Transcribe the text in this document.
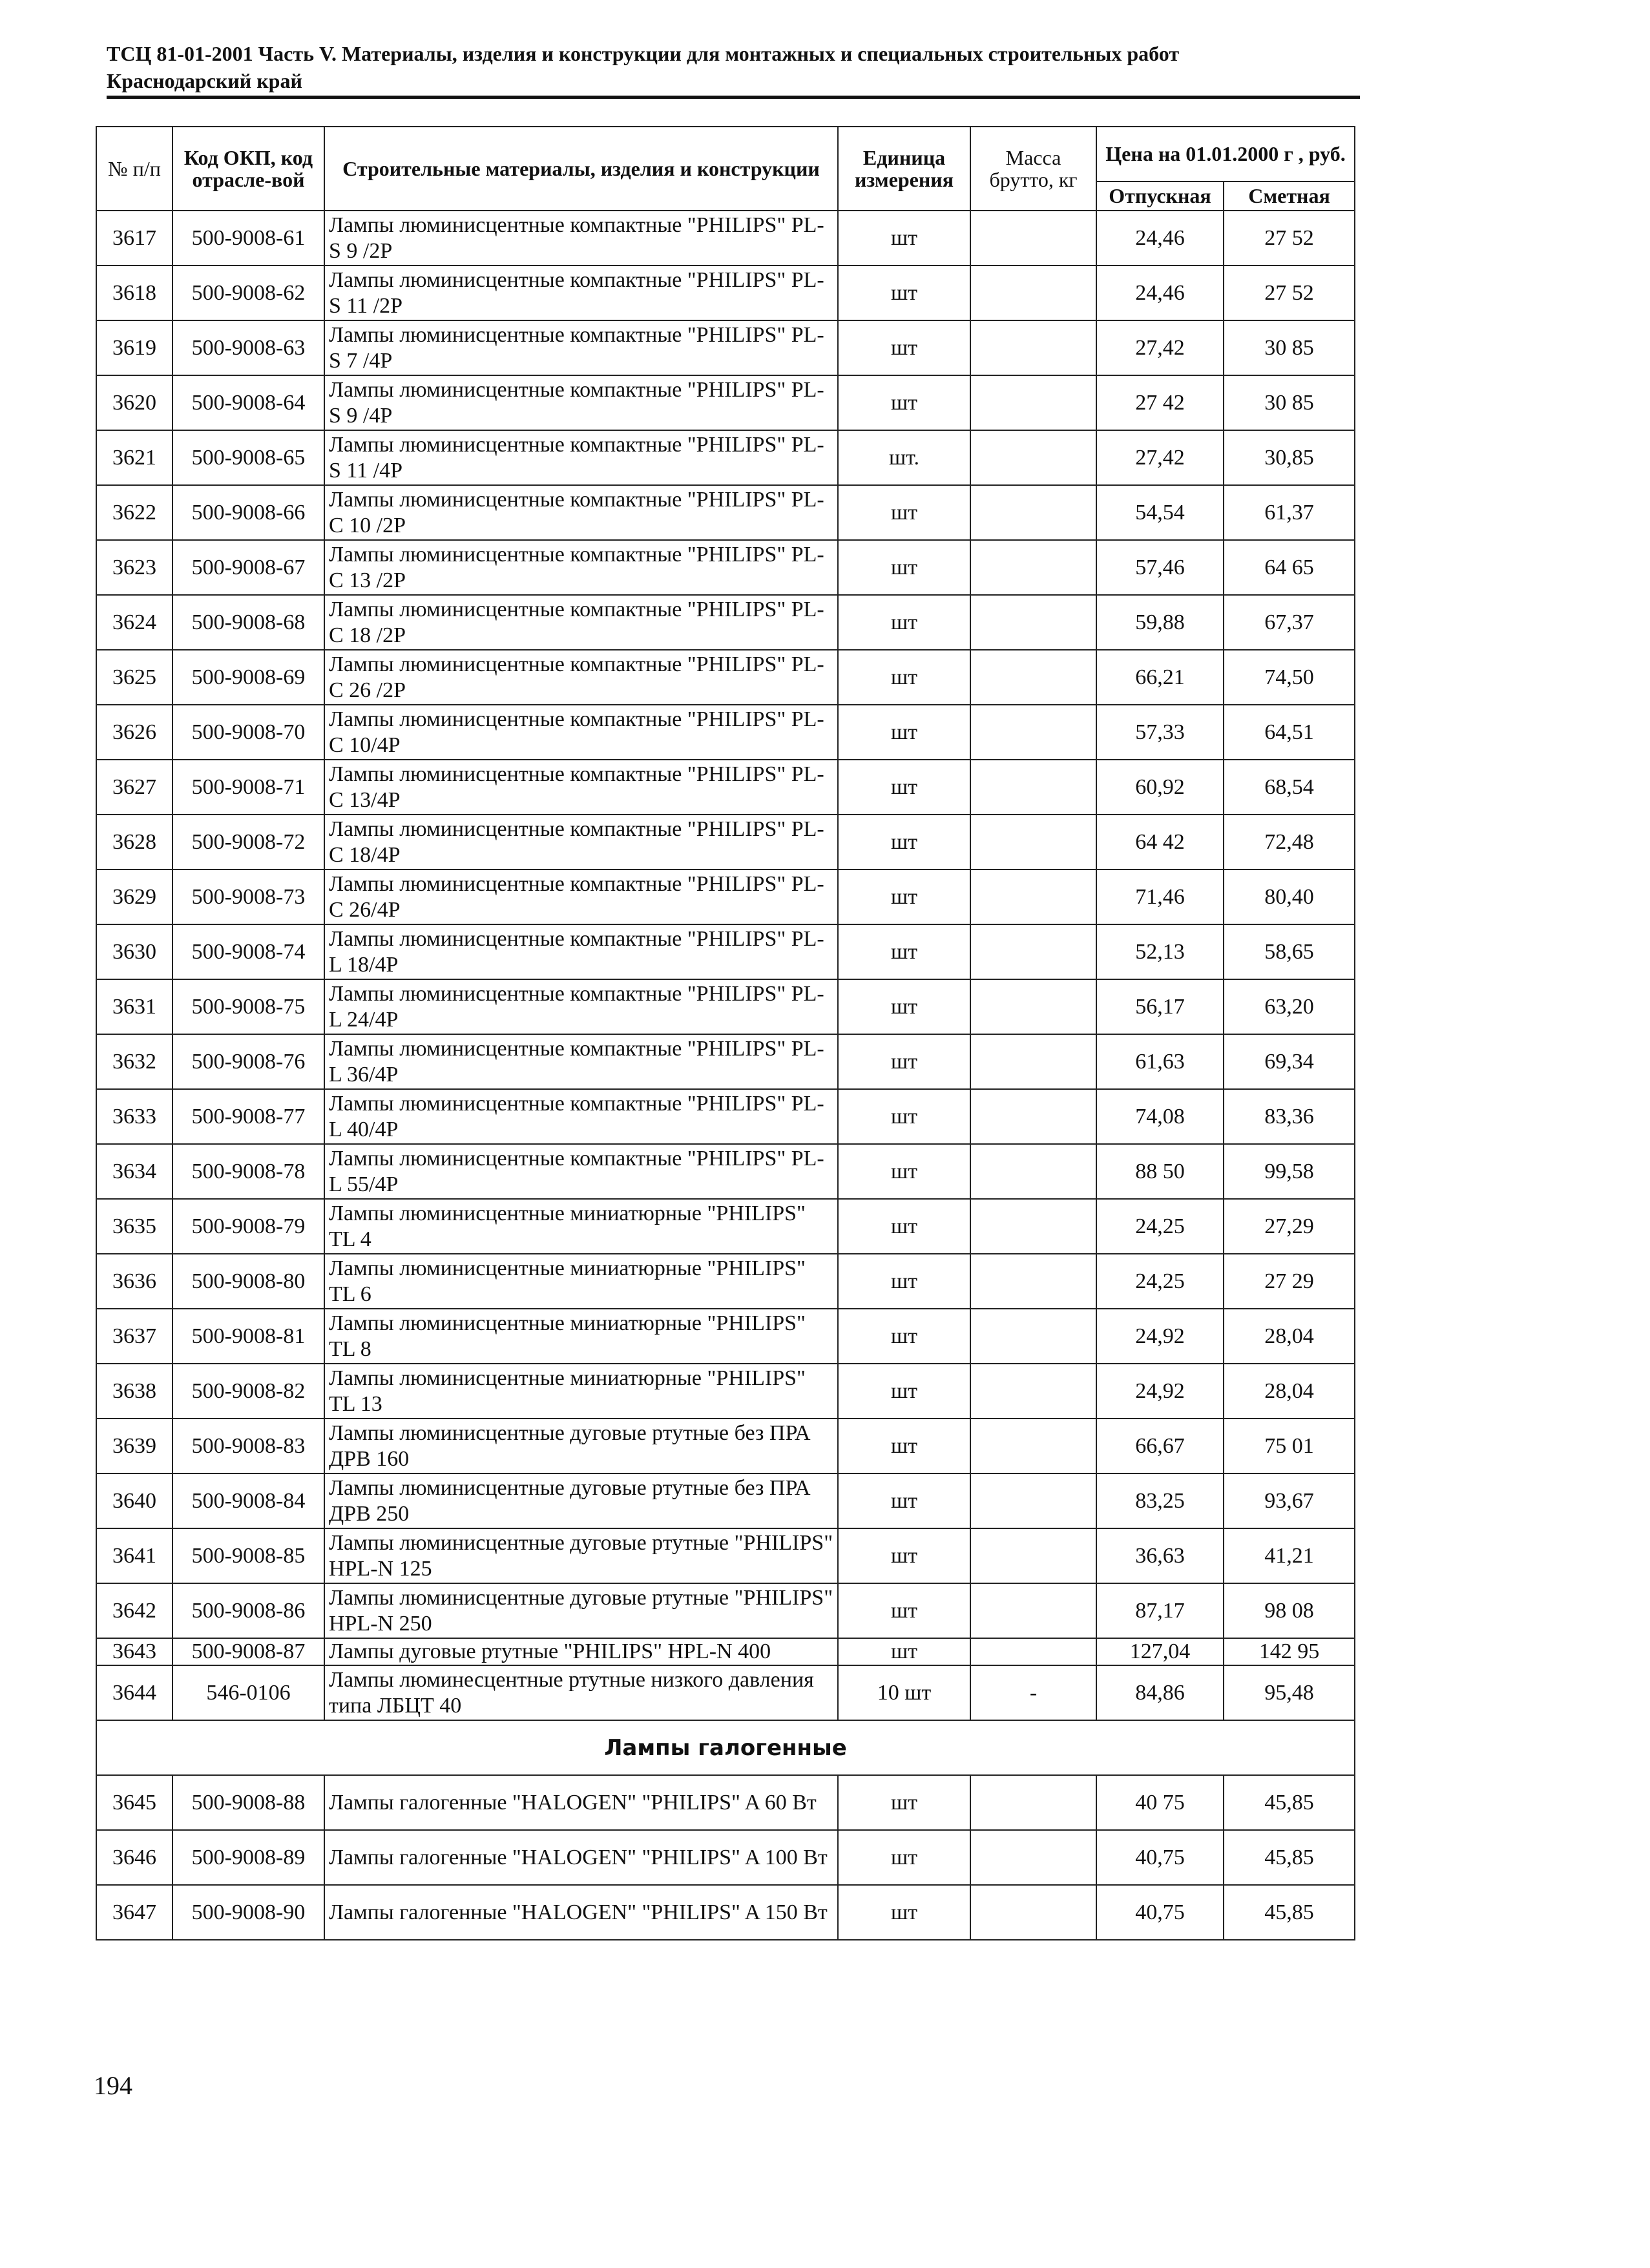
ТСЦ 81-01-2001 Часть V. Материалы, изделия и конструкции для монтажных и специальных строительных работ
Краснодарский край
№ п/п	Код ОКП, код отрасле-вой	Строительные материалы, изделия и конструкции	Единица измерения	Масса брутто, кг	Цена на 01.01.2000 г , руб.	
					Отпускная	Сметная
3617	500-9008-61	Лампы люминисцентные компактные "PHILIPS" PL-S 9 /2P	шт		24,46	27 52
3618	500-9008-62	Лампы люминисцентные компактные "PHILIPS" PL-S 11 /2P	шт		24,46	27 52
3619	500-9008-63	Лампы люминисцентные компактные "PHILIPS" PL-S 7 /4P	шт		27,42	30 85
3620	500-9008-64	Лампы люминисцентные компактные "PHILIPS" PL-S 9 /4P	шт		27 42	30 85
3621	500-9008-65	Лампы люминисцентные компактные "PHILIPS" PL-S 11 /4P	шт.		27,42	30,85
3622	500-9008-66	Лампы люминисцентные компактные "PHILIPS" PL-C 10 /2P	шт		54,54	61,37
3623	500-9008-67	Лампы люминисцентные компактные "PHILIPS" PL-C 13 /2P	шт		57,46	64 65
3624	500-9008-68	Лампы люминисцентные компактные "PHILIPS" PL-C 18 /2P	шт		59,88	67,37
3625	500-9008-69	Лампы люминисцентные компактные "PHILIPS" PL-C 26 /2P	шт		66,21	74,50
3626	500-9008-70	Лампы люминисцентные компактные "PHILIPS" PL-C 10/4P	шт		57,33	64,51
3627	500-9008-71	Лампы люминисцентные компактные "PHILIPS" PL-C 13/4P	шт		60,92	68,54
3628	500-9008-72	Лампы люминисцентные компактные "PHILIPS" PL-C 18/4P	шт		64 42	72,48
3629	500-9008-73	Лампы люминисцентные компактные "PHILIPS" PL-C 26/4P	шт		71,46	80,40
3630	500-9008-74	Лампы люминисцентные компактные "PHILIPS" PL-L 18/4P	шт		52,13	58,65
3631	500-9008-75	Лампы люминисцентные компактные "PHILIPS" PL-L 24/4P	шт		56,17	63,20
3632	500-9008-76	Лампы люминисцентные компактные "PHILIPS" PL-L 36/4P	шт		61,63	69,34
3633	500-9008-77	Лампы люминисцентные компактные "PHILIPS" PL-L 40/4P	шт		74,08	83,36
3634	500-9008-78	Лампы люминисцентные компактные "PHILIPS" PL-L 55/4P	шт		88 50	99,58
3635	500-9008-79	Лампы люминисцентные миниатюрные "PHILIPS" TL 4	шт		24,25	27,29
3636	500-9008-80	Лампы люминисцентные миниатюрные "PHILIPS" TL 6	шт		24,25	27 29
3637	500-9008-81	Лампы люминисцентные миниатюрные "PHILIPS" TL 8	шт		24,92	28,04
3638	500-9008-82	Лампы люминисцентные миниатюрные "PHILIPS" TL 13	шт		24,92	28,04
3639	500-9008-83	Лампы люминисцентные дуговые ртутные без ПРА ДРВ 160	шт		66,67	75 01
3640	500-9008-84	Лампы люминисцентные дуговые ртутные без ПРА ДРВ 250	шт		83,25	93,67
3641	500-9008-85	Лампы люминисцентные дуговые ртутные "PHILIPS" HPL-N 125	шт		36,63	41,21
3642	500-9008-86	Лампы люминисцентные дуговые ртутные "PHILIPS" HPL-N 250	шт		87,17	98 08
3643	500-9008-87	Лампы дуговые ртутные "PHILIPS" HPL-N 400	шт		127,04	142 95
3644	546-0106	Лампы люминесцентные ртутные низкого давления типа ЛБЦТ 40	10 шт	-	84,86	95,48
Лампы галогенные						
3645	500-9008-88	Лампы галогенные "HALOGEN" "PHILIPS" A 60 Вт	шт		40 75	45,85
3646	500-9008-89	Лампы галогенные "HALOGEN" "PHILIPS" A 100 Вт	шт		40,75	45,85
3647	500-9008-90	Лампы галогенные "HALOGEN" "PHILIPS" A 150 Вт	шт		40,75	45,85
194
